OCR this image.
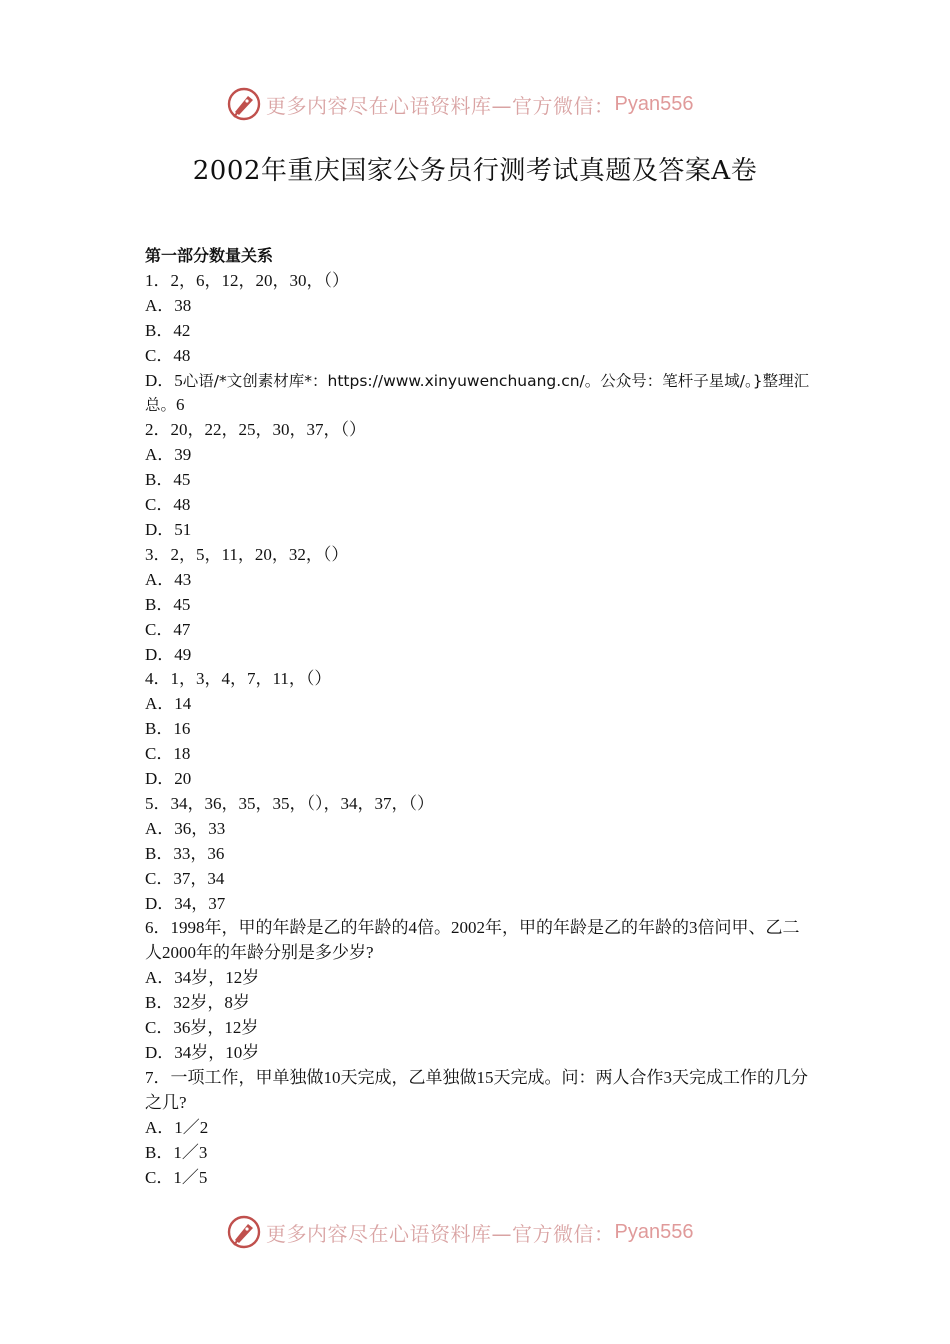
更多内容尽在心语资料库—官方微信： Pyan556
2002年重庆国家公务员行测考试真题及答案A卷
第一部分数量关系
1．2，6，12，20，30，（）
A．38
B．42
C．48
D．5心语/*文创素材库*：https://www.xinyuwenchuang.cn/。公众号：笔杆子星域/。}整理汇总。6
2．20，22，25，30，37，（）
A．39
B．45
C．48
D．51
3．2，5，11，20，32，（）
A．43
B．45
C．47
D．49
4．1，3，4，7，11，（）
A．14
B．16
C．18
D．20
5．34，36，35，35，（），34，37，（）
A．36，33
B．33，36
C．37，34
D．34，37
6．1998年，甲的年龄是乙的年龄的4倍。2002年，甲的年龄是乙的年龄的3倍问甲、乙二人2000年的年龄分别是多少岁?
A．34岁，12岁
B．32岁，8岁
C．36岁，12岁
D．34岁，10岁
7．一项工作，甲单独做10天完成，乙单独做15天完成。问：两人合作3天完成工作的几分之几?
A．1／2
B．1／3
C．1／5
更多内容尽在心语资料库—官方微信： Pyan556
